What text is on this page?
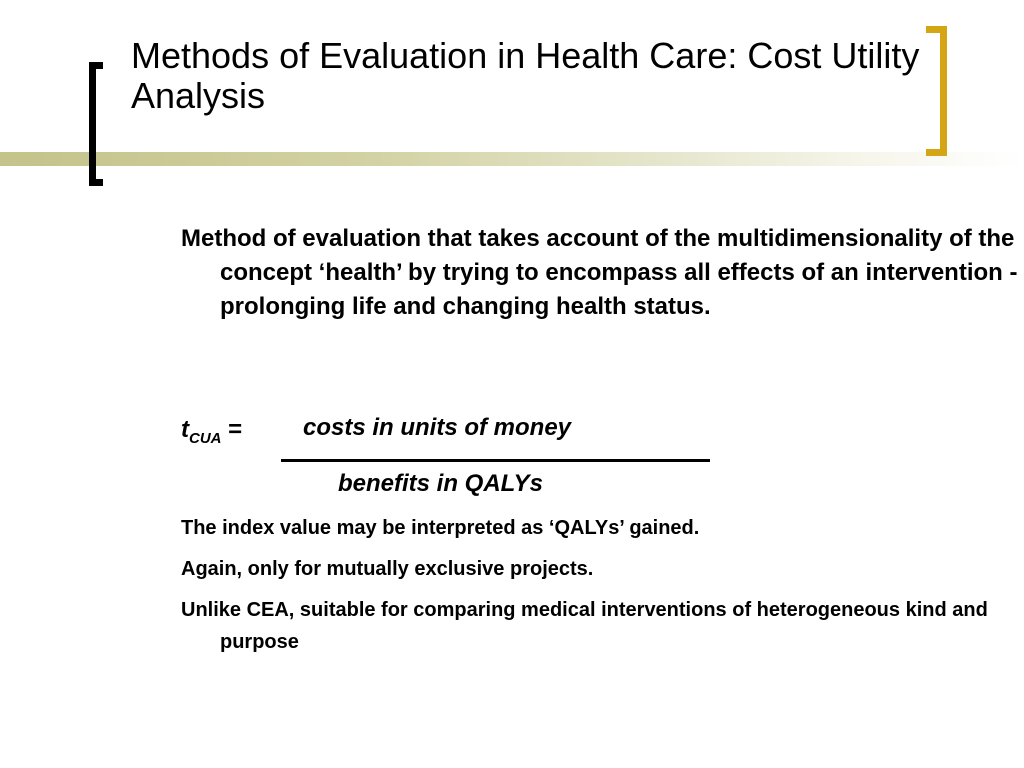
Methods of Evaluation in Health Care: Cost Utility Analysis

Method of evaluation that takes account of the multidimensionality of the concept ‘health’ by trying to encompass all effects of an intervention - prolonging life and changing health status.

$t_{CUA}$ =	costs in units of money
benefits in QALYs

The index value may be interpreted as ‘QALYs’ gained.

Again, only for mutually exclusive projects.

Unlike CEA, suitable for comparing medical interventions of heterogeneous kind and purpose
